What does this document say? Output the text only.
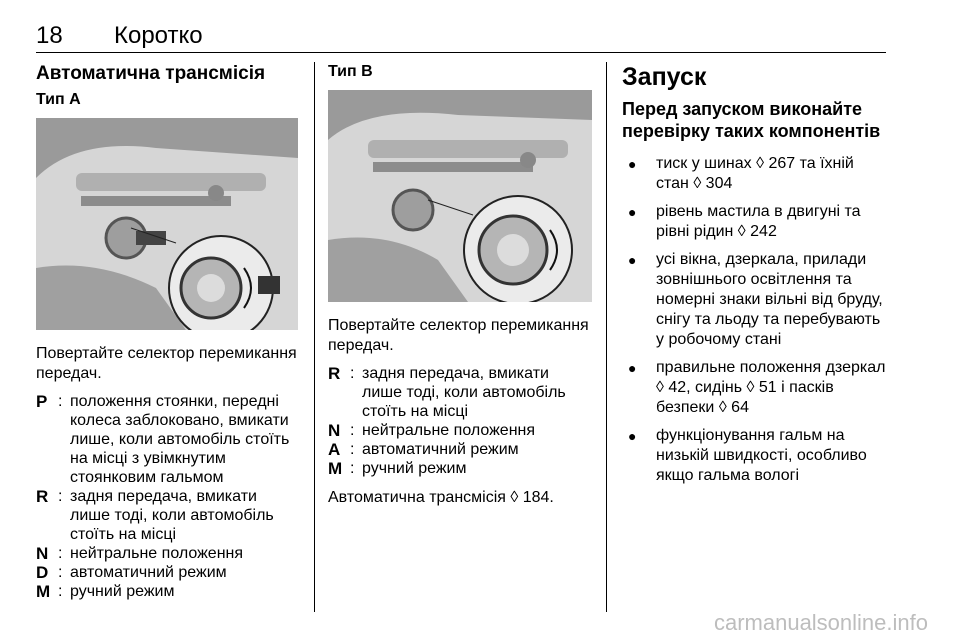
18 Коротко
Автоматична трансмісія
Тип А

Повертайте селектор перемикання передач.

P : положення стоянки, передні колеса заблоковано, вмикати лише, коли автомобіль стоїть на місці з увімкнутим стоянковим гальмом
R : задня передача, вмикати лише тоді, коли автомобіль стоїть на місці
N : нейтральне положення
D : автоматичний режим
M : ручний режим
Тип В

Повертайте селектор перемикання передач.

R : задня передача, вмикати лише тоді, коли автомобіль стоїть на місці
N : нейтральне положення
A : автоматичний режим
M : ручний режим

Автоматична трансмісія ◊ 184.

Запуск
Перед запуском виконайте перевірку таких компонентів
●	тиск у шинах ◊ 267 та їхній стан ◊ 304
●	рівень мастила в двигуні та рівні рідин ◊ 242
●	усі вікна, дзеркала, прилади зовнішнього освітлення та номерні знаки вільні від бруду, снігу та льоду та перебувають у робочому стані
●	правильне положення дзеркал ◊ 42, сидінь ◊ 51 і пасків безпеки ◊ 64
●	функціонування гальм на низькій швидкості, особливо якщо гальма вологі
carmanualsonline.info
